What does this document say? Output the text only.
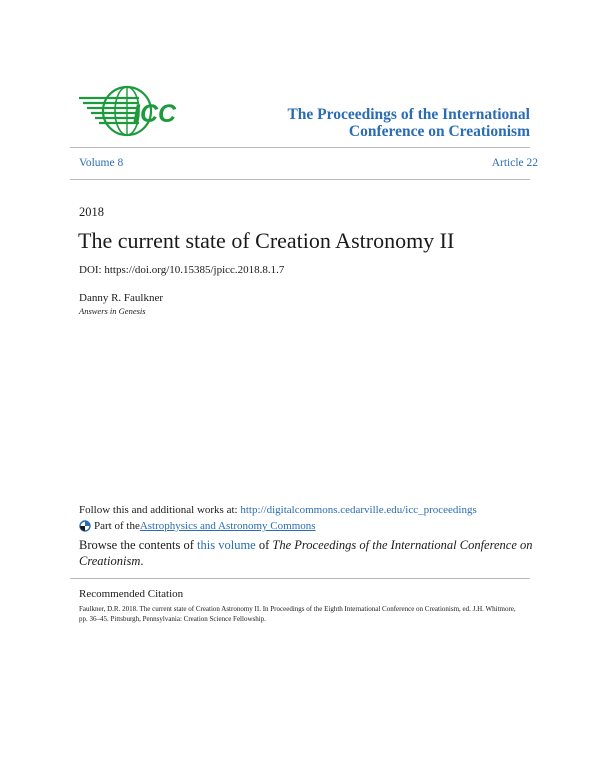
ICC	The Proceedings of the International
Conference on Creationism
Volume 8	Article 22
2018
The current state of Creation Astronomy II
DOI: https://doi.org/10.15385/jpicc.2018.8.1.7
Danny R. Faulkner
Answers in Genesis
Follow this and additional works at: http://digitalcommons.cedarville.edu/icc_proceedings
Part of the Astrophysics and Astronomy Commons
Browse the contents of this volume of The Proceedings of the International Conference on Creationism.
Recommended Citation
Faulkner, D.R. 2018. The current state of Creation Astronomy II. In Proceedings of the Eighth International Conference on Creationism, ed. J.H. Whitmore, pp. 36–45. Pittsburgh, Pennsylvania: Creation Science Fellowship.
